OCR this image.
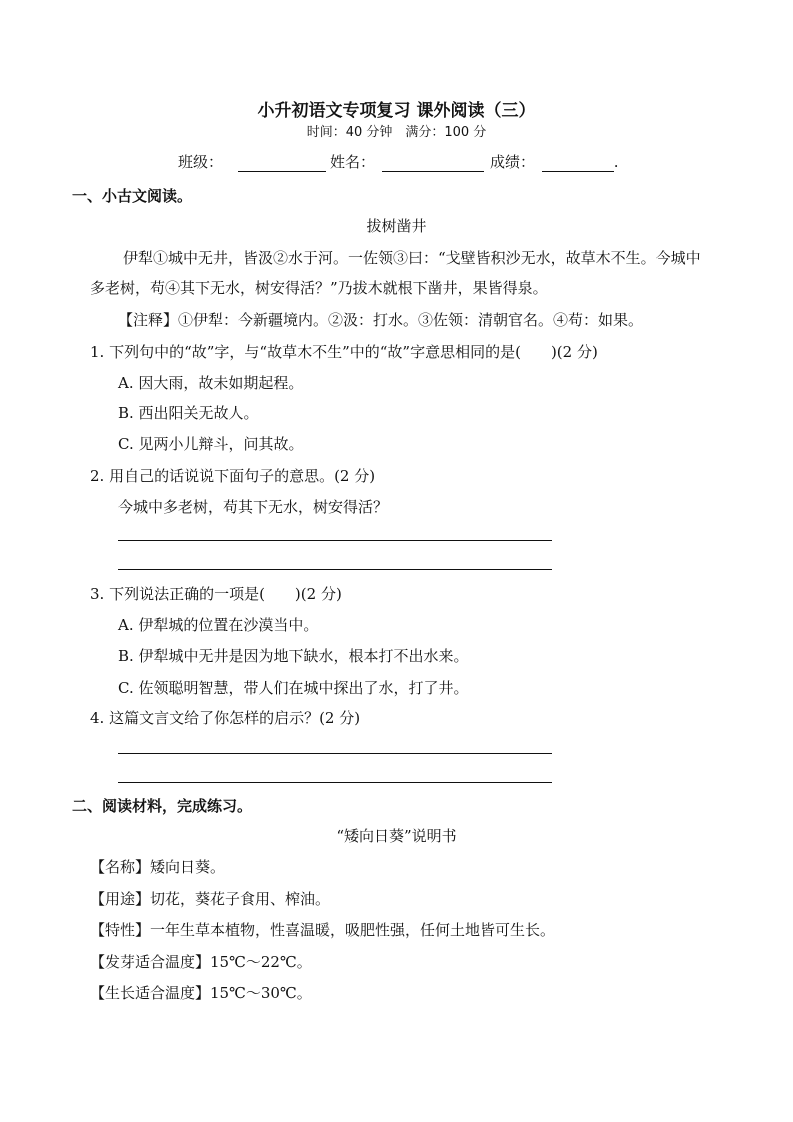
小升初语文专项复习 课外阅读（三）
时间：40 分钟　满分：100 分
班级：	姓名：	成绩：	.
一、小古文阅读。
拔树凿井
伊犁①城中无井，皆汲②水于河。一佐领③曰：“戈壁皆积沙无水，故草木不生。今城中
多老树，苟④其下无水，树安得活？”乃拔木就根下凿井，果皆得泉。
【注释】①伊犁：今新疆境内。②汲：打水。③佐领：清朝官名。④苟：如果。
1. 下列句中的“故”字，与“故草木不生”中的“故”字意思相同的是(　　)(2 分)
A. 因大雨，故未如期起程。
B. 西出阳关无故人。
C. 见两小儿辩斗，问其故。
2. 用自己的话说说下面句子的意思。(2 分)
今城中多老树，苟其下无水，树安得活？
3. 下列说法正确的一项是(　　)(2 分)
A. 伊犁城的位置在沙漠当中。
B. 伊犁城中无井是因为地下缺水，根本打不出水来。
C. 佐领聪明智慧，带人们在城中探出了水，打了井。
4. 这篇文言文给了你怎样的启示？(2 分)
二、阅读材料，完成练习。
“矮向日葵”说明书
【名称】矮向日葵。
【用途】切花，葵花子食用、榨油。
【特性】一年生草本植物，性喜温暖，吸肥性强，任何土地皆可生长。
【发芽适合温度】15℃～22℃。
【生长适合温度】15℃～30℃。
